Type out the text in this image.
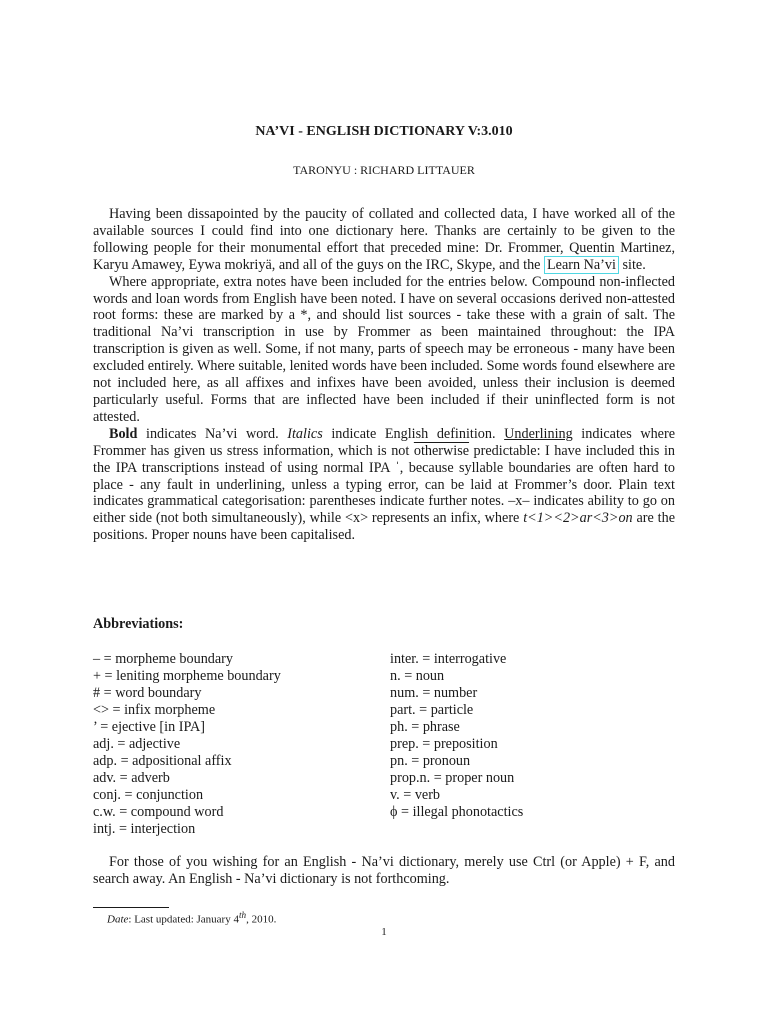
NA’VI - ENGLISH DICTIONARY V:3.010
TARONYU : RICHARD LITTAUER

Having been dissapointed by the paucity of collated and collected data, I have worked all of the available sources I could find into one dictionary here. Thanks are certainly to be given to the following people for their monumental effort that preceded mine: Dr. Frommer, Quentin Martinez, Karyu Amawey, Eywa mokriyä, and all of the guys on the IRC, Skype, and the Learn Na’vi site.

Where appropriate, extra notes have been included for the entries below. Compound non-inflected words and loan words from English have been noted. I have on several occasions derived non-attested root forms: these are marked by a *, and should list sources - take these with a grain of salt. The traditional Na’vi transcription in use by Frommer as been maintained throughout: the IPA transcription is given as well. Some, if not many, parts of speech may be erroneous - many have been excluded entirely. Where suitable, lenited words have been included. Some words found elsewhere are not included here, as all affixes and infixes have been avoided, unless their inclusion is deemed particularly useful. Forms that are inflected have been included if their uninflected form is not attested.

Bold indicates Na’vi word. Italics indicate English definition. Underlining indicates where Frommer has given us stress information, which is not otherwise predictable: I have included this in the IPA transcriptions instead of using normal IPA ˈ, because syllable boundaries are often hard to place - any fault in underlining, unless a typing error, can be laid at Frommer’s door. Plain text indicates grammatical categorisation: parentheses indicate further notes. –x– indicates ability to go on either side (not both simultaneously), while <x> represents an infix, where t<1><2>ar<3>on are the positions. Proper nouns have been capitalised.

Abbreviations:
– = morpheme boundary
+ = leniting morpheme boundary
# = word boundary
<> = infix morpheme
’ = ejective [in IPA]
adj. = adjective
adp. = adpositional affix
adv. = adverb
conj. = conjunction
c.w. = compound word
intj. = interjection
inter. = interrogative
n. = noun
num. = number
part. = particle
ph. = phrase
prep. = preposition
pn. = pronoun
prop.n. = proper noun
v. = verb
ϕ = illegal phonotactics

For those of you wishing for an English - Na’vi dictionary, merely use Ctrl (or Apple) + F, and search away. An English - Na’vi dictionary is not forthcoming.

Date: Last updated: January 4th, 2010.
1
